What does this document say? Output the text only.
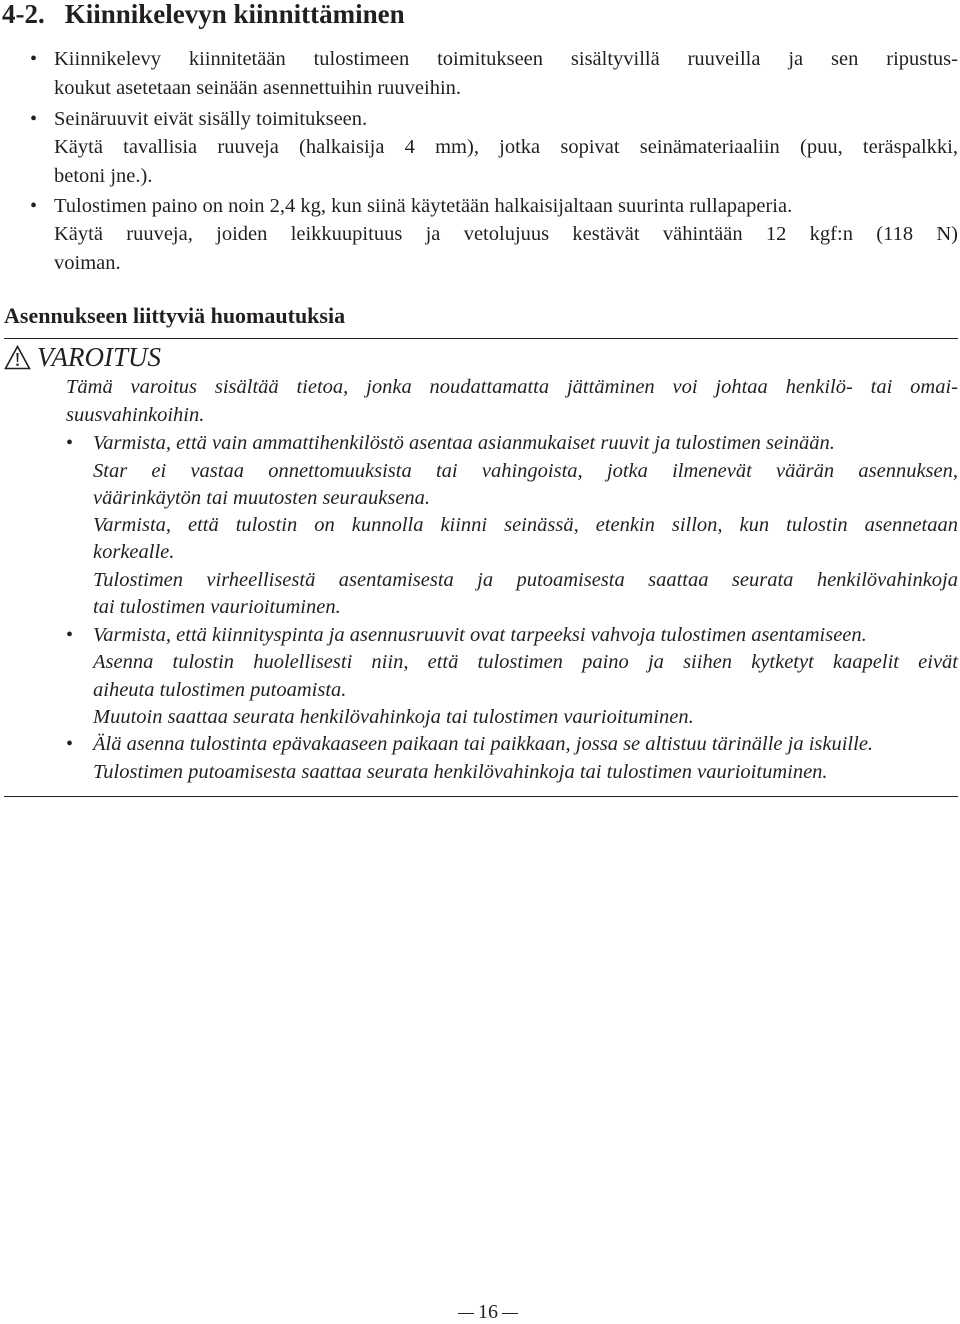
4-2. Kiinnikelevyn kiinnittäminen
• Kiinnikelevy kiinnitetään tulostimeen toimitukseen sisältyvillä ruuveilla ja sen ripustus-

koukut asetetaan seinään asennettuihin ruuveihin.

• Seinäruuvit eivät sisälly toimitukseen.

Käytä tavallisia ruuveja (halkaisija 4 mm), jotka sopivat seinämateriaaliin (puu, teräspalkki,

betoni jne.).

• Tulostimen paino on noin 2,4 kg, kun siinä käytetään halkaisijaltaan suurinta rullapaperia.

Käytä ruuveja, joiden leikkuupituus ja vetolujuus kestävät vähintään 12 kgf:n (118 N)

voiman.

Asennukseen liittyviä huomautuksia
VAROITUS

Tämä varoitus sisältää tietoa, jonka noudattamatta jättäminen voi johtaa henkilö- tai omai-

suusvahinkoihin.

• Varmista, että vain ammattihenkilöstö asentaa asianmukaiset ruuvit ja tulostimen seinään.

Star ei vastaa onnettomuuksista tai vahingoista, jotka ilmenevät väärän asennuksen,

väärinkäytön tai muutosten seurauksena.

Varmista, että tulostin on kunnolla kiinni seinässä, etenkin sillon, kun tulostin asennetaan

korkealle.

Tulostimen virheellisestä asentamisesta ja putoamisesta saattaa seurata henkilövahinkoja

tai tulostimen vaurioituminen.

• Varmista, että kiinnityspinta ja asennusruuvit ovat tarpeeksi vahvoja tulostimen asentamiseen.

Asenna tulostin huolellisesti niin, että tulostimen paino ja siihen kytketyt kaapelit eivät

aiheuta tulostimen putoamista.

Muutoin saattaa seurata henkilövahinkoja tai tulostimen vaurioituminen.

• Älä asenna tulostinta epävakaaseen paikaan tai paikkaan, jossa se altistuu tärinälle ja iskuille.

Tulostimen putoamisesta saattaa seurata henkilövahinkoja tai tulostimen vaurioituminen.

16
